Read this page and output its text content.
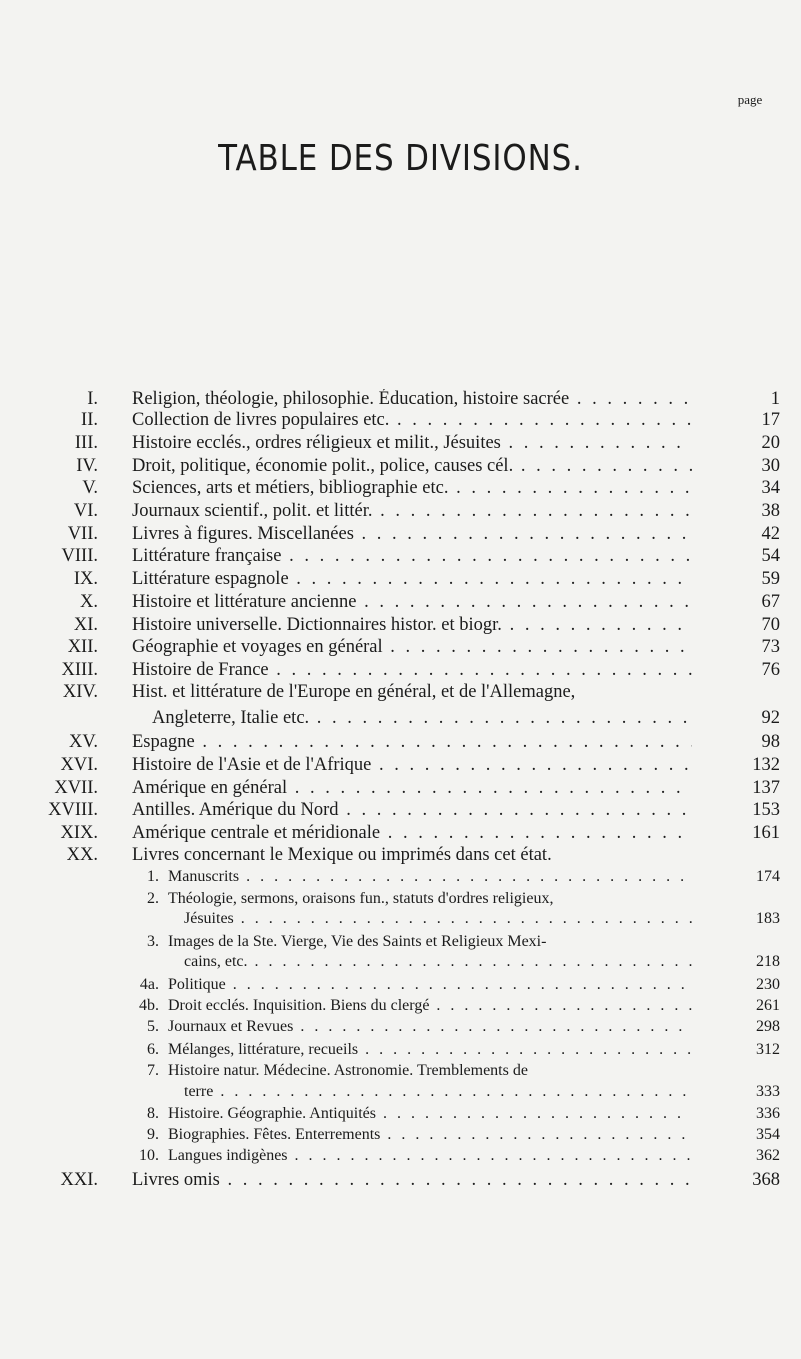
TABLE DES DIVISIONS.
page
I. Religion, théologie, philosophie. Éducation, histoire sacrée . . .	1
II. Collection de livres populaires etc. . . .	17
III. Histoire ecclés., ordres réligieux et milit., Jésuites . . .	20
IV. Droit, politique, économie polit., police, causes cél. . . .	30
V. Sciences, arts et métiers, bibliographie etc. . . .	34
VI. Journaux scientif., polit. et littér. . . .	38
VII. Livres à figures. Miscellanées . . .	42
VIII. Littérature française . . .	54
IX. Littérature espagnole . . .	59
X. Histoire et littérature ancienne . . .	67
XI. Histoire universelle. Dictionnaires histor. et biogr. . . .	70
XII. Géographie et voyages en général . . .	73
XIII. Histoire de France . . .	76
XIV. Hist. et littérature de l'Europe en général, et de l'Allemagne,
Angleterre, Italie etc. . . .	92
XV. Espagne . . .	98
XVI. Histoire de l'Asie et de l'Afrique . . .	132
XVII. Amérique en général . . .	137
XVIII. Antilles. Amérique du Nord . . .	153
XIX. Amérique centrale et méridionale . . .	161
XX. Livres concernant le Mexique ou imprimés dans cet état.
1. Manuscrits . . .	174
2. Théologie, sermons, oraisons fun., statuts d'ordres religieux,
Jésuites . . .	183
3. Images de la Ste. Vierge, Vie des Saints et Religieux Mexi-
cains, etc. . . .	218
4a. Politique . . .	230
4b. Droit ecclés. Inquisition. Biens du clergé . . .	261
5. Journaux et Revues . . .	298
6. Mélanges, littérature, recueils . . .	312
7. Histoire natur. Médecine. Astronomie. Tremblements de
terre . . .	333
8. Histoire. Géographie. Antiquités . . .	336
9. Biographies. Fêtes. Enterrements . . .	354
10. Langues indigènes . . .	362
XXI. Livres omis . . .	368
